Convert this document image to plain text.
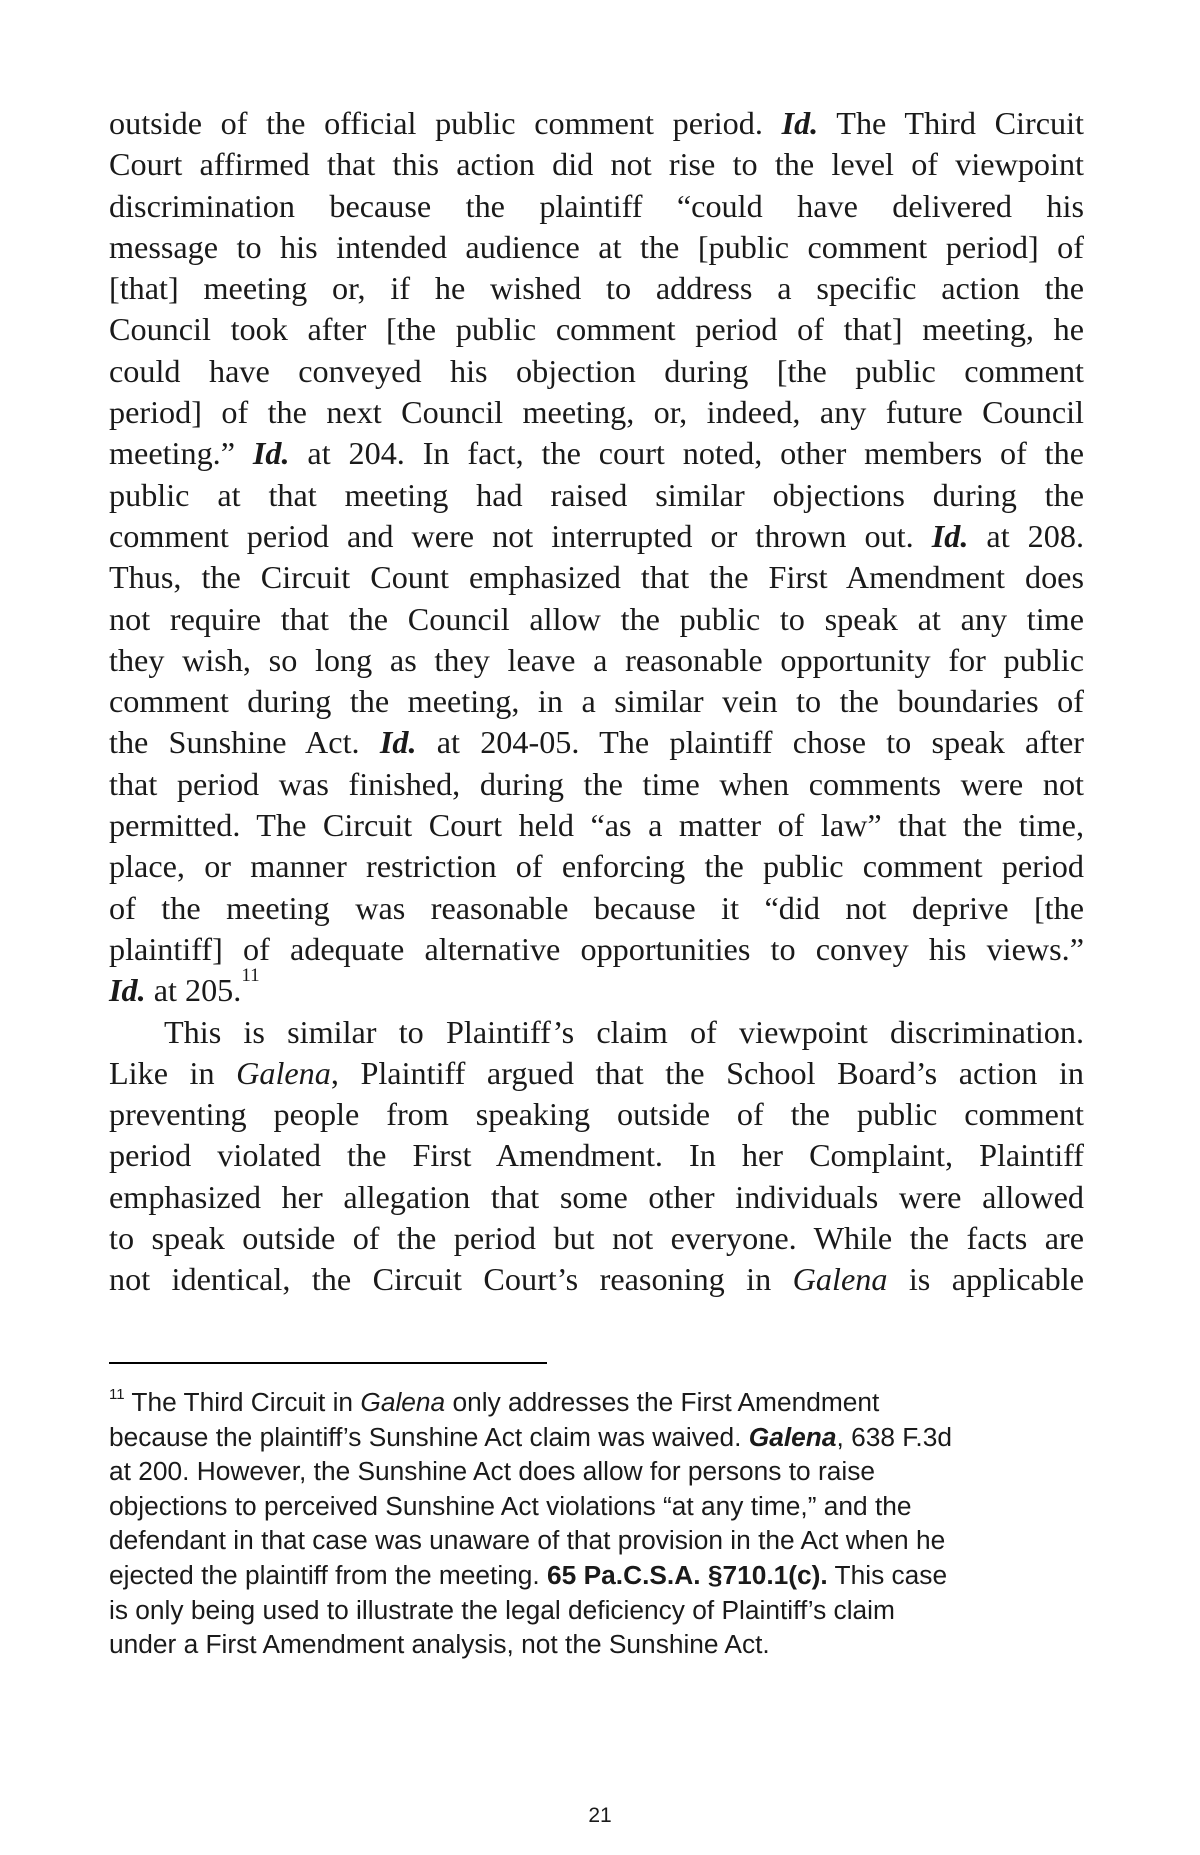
outside of the official public comment period. Id. The Third Circuit
Court affirmed that this action did not rise to the level of viewpoint
discrimination because the plaintiff “could have delivered his
message to his intended audience at the [public comment period] of
[that] meeting or, if he wished to address a specific action the
Council took after [the public comment period of that] meeting, he
could have conveyed his objection during [the public comment
period] of the next Council meeting, or, indeed, any future Council
meeting.” Id. at 204. In fact, the court noted, other members of the
public at that meeting had raised similar objections during the
comment period and were not interrupted or thrown out. Id. at 208.
Thus, the Circuit Count emphasized that the First Amendment does
not require that the Council allow the public to speak at any time
they wish, so long as they leave a reasonable opportunity for public
comment during the meeting, in a similar vein to the boundaries of
the Sunshine Act. Id. at 204-05. The plaintiff chose to speak after
that period was finished, during the time when comments were not
permitted. The Circuit Court held “as a matter of law” that the time,
place, or manner restriction of enforcing the public comment period
of the meeting was reasonable because it “did not deprive [the
plaintiff] of adequate alternative opportunities to convey his views.”
Id. at 205.11
This is similar to Plaintiff’s claim of viewpoint discrimination.
Like in Galena, Plaintiff argued that the School Board’s action in
preventing people from speaking outside of the public comment
period violated the First Amendment. In her Complaint, Plaintiff
emphasized her allegation that some other individuals were allowed
to speak outside of the period but not everyone. While the facts are
not identical, the Circuit Court’s reasoning in Galena is applicable
$^{11}$ The Third Circuit in Galena only addresses the First Amendment
because the plaintiff’s Sunshine Act claim was waived. Galena, 638 F.3d
at 200. However, the Sunshine Act does allow for persons to raise
objections to perceived Sunshine Act violations “at any time,” and the
defendant in that case was unaware of that provision in the Act when he
ejected the plaintiff from the meeting. 65 Pa.C.S.A. §710.1(c). This case
is only being used to illustrate the legal deficiency of Plaintiff’s claim
under a First Amendment analysis, not the Sunshine Act.
21
